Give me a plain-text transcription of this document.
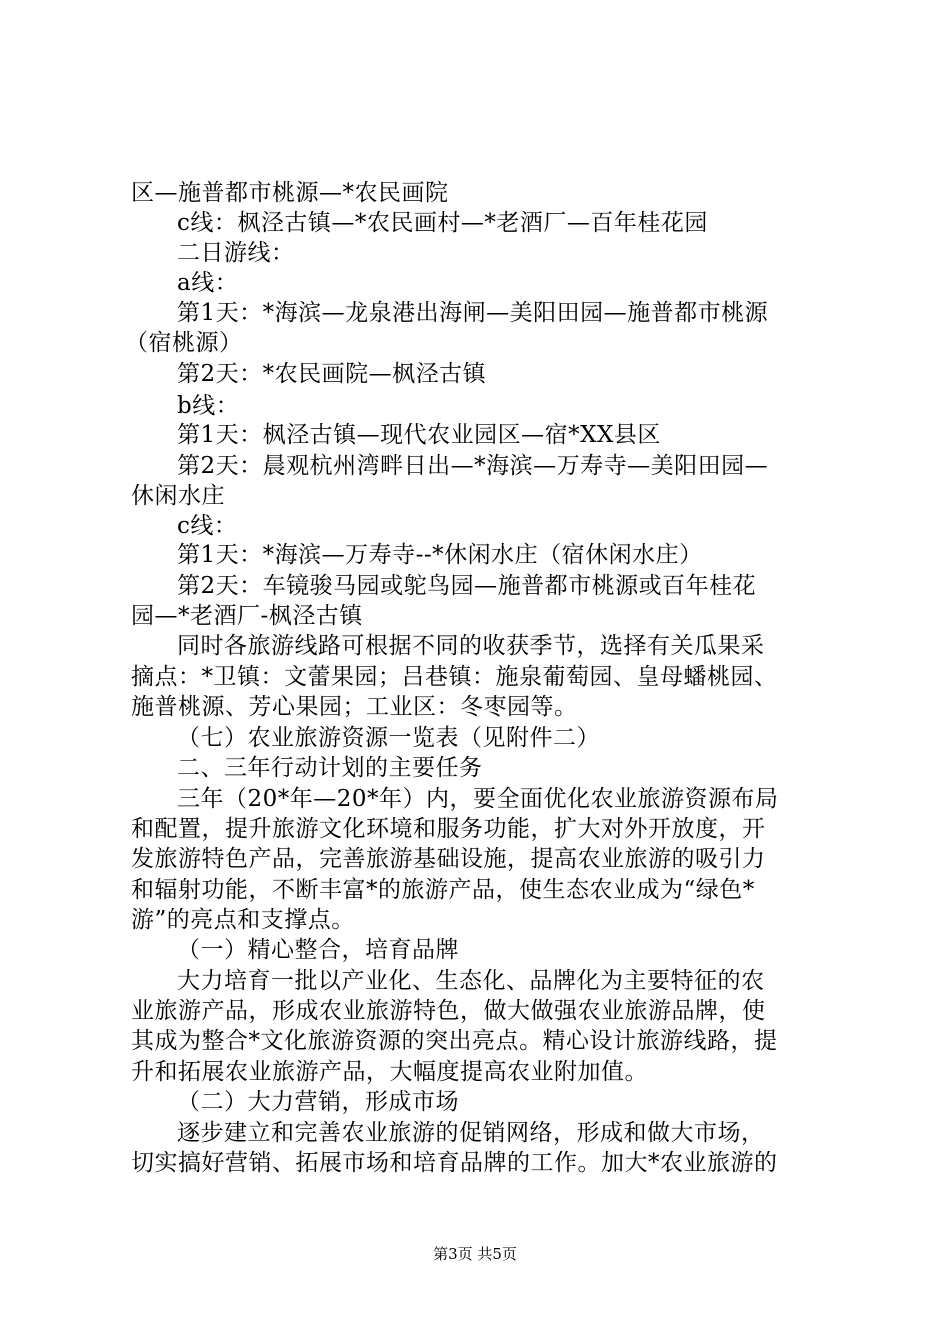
区—施普都市桃源—*农民画院
c线：枫泾古镇—*农民画村—*老酒厂—百年桂花园
二日游线：
a线：
第1天：*海滨—龙泉港出海闸—美阳田园—施普都市桃源
（宿桃源）
第2天：*农民画院—枫泾古镇
b线：
第1天：枫泾古镇—现代农业园区—宿*XX县区
第2天：晨观杭州湾畔日出—*海滨—万寿寺—美阳田园—
休闲水庄
c线：
第1天：*海滨—万寿寺--*休闲水庄（宿休闲水庄）
第2天：车镜骏马园或鸵鸟园—施普都市桃源或百年桂花
园—*老酒厂-枫泾古镇
同时各旅游线路可根据不同的收获季节，选择有关瓜果采
摘点：*卫镇：文蕾果园；吕巷镇：施泉葡萄园、皇母蟠桃园、
施普桃源、芳心果园；工业区：冬枣园等。
（七）农业旅游资源一览表（见附件二）
二、三年行动计划的主要任务
三年（20*年—20*年）内，要全面优化农业旅游资源布局
和配置，提升旅游文化环境和服务功能，扩大对外开放度，开
发旅游特色产品，完善旅游基础设施，提高农业旅游的吸引力
和辐射功能，不断丰富*的旅游产品，使生态农业成为“绿色*
游”的亮点和支撑点。
（一）精心整合，培育品牌
大力培育一批以产业化、生态化、品牌化为主要特征的农
业旅游产品，形成农业旅游特色，做大做强农业旅游品牌，使
其成为整合*文化旅游资源的突出亮点。精心设计旅游线路，提
升和拓展农业旅游产品，大幅度提高农业附加值。
（二）大力营销，形成市场
逐步建立和完善农业旅游的促销网络，形成和做大市场，
切实搞好营销、拓展市场和培育品牌的工作。加大*农业旅游的
第3页 共5页
